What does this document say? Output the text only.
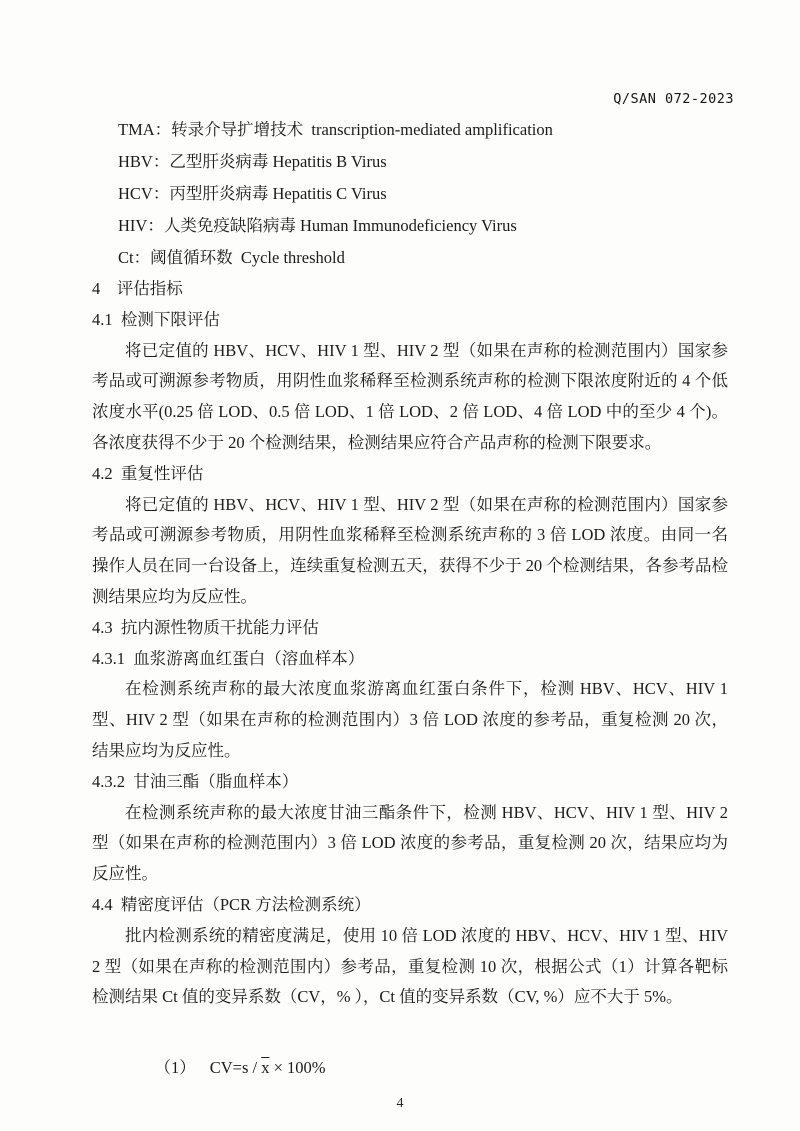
Q/SAN 072-2023
TMA：转录介导扩增技术  transcription-mediated amplification
HBV：乙型肝炎病毒 Hepatitis B Virus
HCV：丙型肝炎病毒 Hepatitis C Virus
HIV：人类免疫缺陷病毒 Human Immunodeficiency Virus
Ct：阈值循环数  Cycle threshold
4　评估指标
4.1  检测下限评估

将已定值的 HBV、HCV、HIV 1 型、HIV 2 型（如果在声称的检测范围内）国家参考品或可溯源参考物质，用阴性血浆稀释至检测系统声称的检测下限浓度附近的 4 个低浓度水平(0.25 倍 LOD、0.5 倍 LOD、1 倍 LOD、2 倍 LOD、4 倍 LOD 中的至少 4 个)。各浓度获得不少于 20 个检测结果，检测结果应符合产品声称的检测下限要求。

4.2  重复性评估

将已定值的 HBV、HCV、HIV 1 型、HIV 2 型（如果在声称的检测范围内）国家参考品或可溯源参考物质，用阴性血浆稀释至检测系统声称的 3 倍 LOD 浓度。由同一名操作人员在同一台设备上，连续重复检测五天，获得不少于 20 个检测结果，各参考品检测结果应均为反应性。

4.3  抗内源性物质干扰能力评估
4.3.1  血浆游离血红蛋白（溶血样本）

在检测系统声称的最大浓度血浆游离血红蛋白条件下，检测 HBV、HCV、HIV 1 型、HIV 2 型（如果在声称的检测范围内）3 倍 LOD 浓度的参考品，重复检测 20 次，结果应均为反应性。

4.3.2  甘油三酯（脂血样本）

在检测系统声称的最大浓度甘油三酯条件下，检测 HBV、HCV、HIV 1 型、HIV 2 型（如果在声称的检测范围内）3 倍 LOD 浓度的参考品，重复检测 20 次，结果应均为反应性。

4.4  精密度评估（PCR 方法检测系统）

批内检测系统的精密度满足，使用 10 倍 LOD 浓度的 HBV、HCV、HIV 1 型、HIV 2 型（如果在声称的检测范围内）参考品，重复检测 10 次，根据公式（1）计算各靶标检测结果 Ct 值的变异系数（CV，% ），Ct 值的变异系数（CV, %）应不大于 5%。

（1） $CV=s / \overline{x} \times 100\%$

4
